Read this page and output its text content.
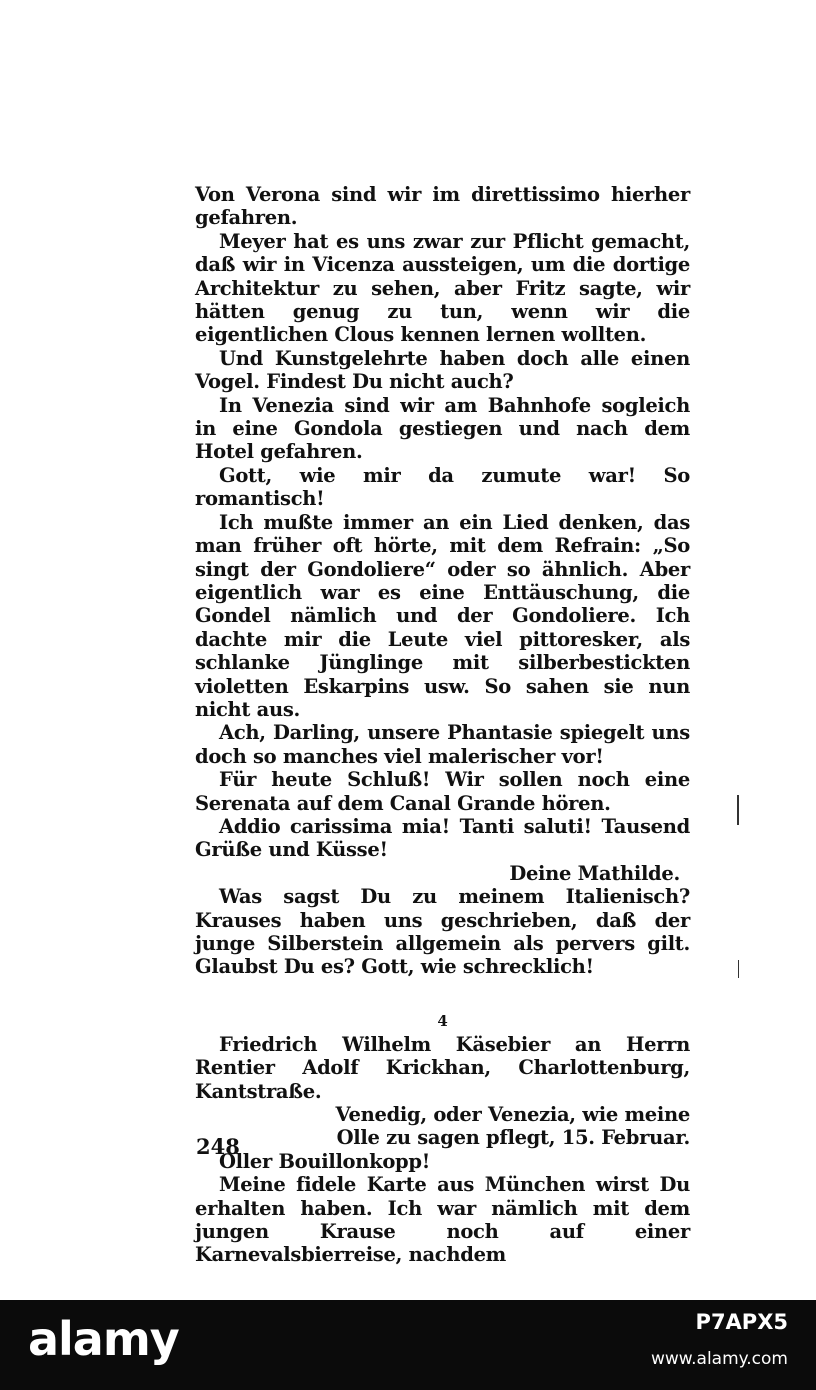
Von Verona sind wir im direttissimo hierher gefahren.

Meyer hat es uns zwar zur Pflicht gemacht, daß wir in Vicenza aussteigen, um die dortige Architektur zu sehen, aber Fritz sagte, wir hätten genug zu tun, wenn wir die eigentlichen Clous kennen lernen wollten.

Und Kunstgelehrte haben doch alle einen Vogel. Findest Du nicht auch?

In Venezia sind wir am Bahnhofe sogleich in eine Gondola gestiegen und nach dem Hotel gefahren.

Gott, wie mir da zumute war! So romantisch!

Ich mußte immer an ein Lied denken, das man früher oft hörte, mit dem Refrain: „So singt der Gondoliere“ oder so ähnlich. Aber eigentlich war es eine Enttäuschung, die Gondel nämlich und der Gondoliere. Ich dachte mir die Leute viel pittoresker, als schlanke Jünglinge mit silberbestickten violetten Eskarpins usw. So sahen sie nun nicht aus.

Ach, Darling, unsere Phantasie spiegelt uns doch so manches viel malerischer vor!

Für heute Schluß! Wir sollen noch eine Serenata auf dem Canal Grande hören.

Addio carissima mia! Tanti saluti! Tausend Grüße und Küsse!

Deine Mathilde.

Was sagst Du zu meinem Italienisch? Krauses haben uns geschrieben, daß der junge Silberstein allgemein als pervers gilt. Glaubst Du es? Gott, wie schrecklich!

4

Friedrich Wilhelm Käsebier an Herrn Rentier Adolf Krickhan, Charlottenburg, Kantstraße.

Venedig, oder Venezia, wie meine

Olle zu sagen pflegt, 15. Februar.

Oller Bouillonkopp!

Meine fidele Karte aus München wirst Du erhalten haben. Ich war nämlich mit dem jungen Krause noch auf einer Karnevalsbierreise, nachdem

248
alamy	P7APX5
www.alamy.com
